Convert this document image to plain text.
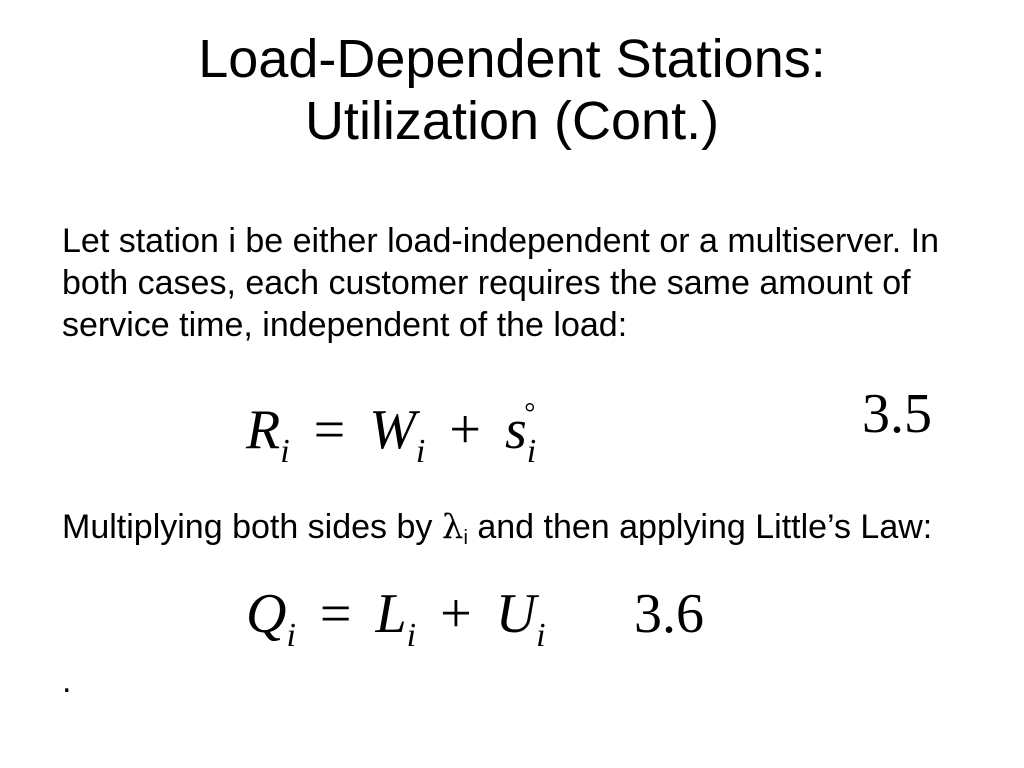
Load-Dependent Stations:
Utilization (Cont.)
Let station i be either load-independent or a multiserver. In both cases, each customer requires the same amount of service time, independent of the load:
$R_i = W_i + s_i^\circ$	3.5
Multiplying both sides by λi and then applying Little’s Law:
$Q_i = L_i + U_i$ 3.6
.
